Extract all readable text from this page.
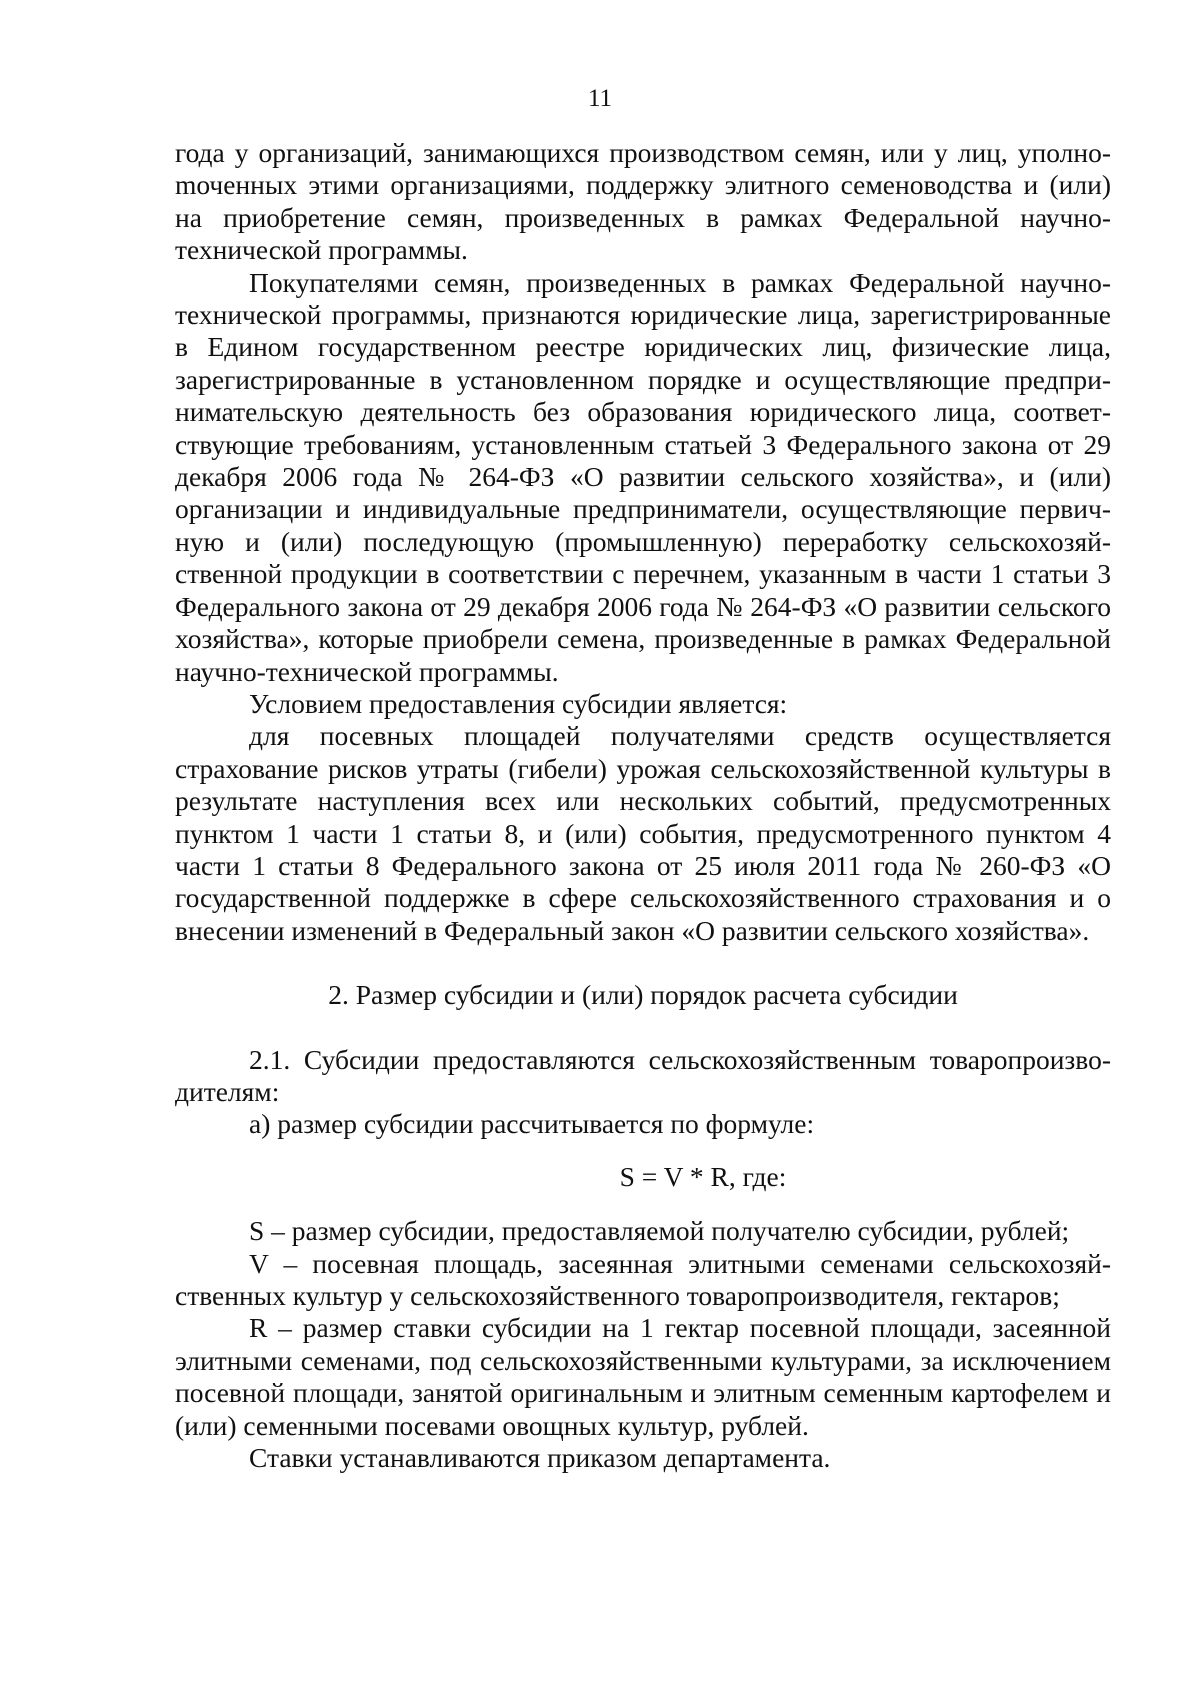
11

года у организаций, занимающихся производством семян, или у лиц, уполноmоченных этими организациями, поддержку элитного семеноводства и (или) на приобретение семян, произведенных в рамках Федеральной научно-технической программы.

Покупателями семян, произведенных в рамках Федеральной научно-технической программы, признаются юридические лица, зарегистрированные в Едином государственном реестре юридических лиц, физические лица, зарегистрированные в установленном порядке и осуществляющие предпринимательскую деятельность без образования юридического лица, соответствующие требованиям, установленным статьей 3 Федерального закона от 29 декабря 2006 года № 264-ФЗ «О развитии сельского хозяйства», и (или) организации и индивидуальные предприниматели, осуществляющие первичную и (или) последующую (промышленную) переработку сельскохозяйственной продукции в соответствии с перечнем, указанным в части 1 статьи 3 Федерального закона от 29 декабря 2006 года № 264-ФЗ «О развитии сельского хозяйства», которые приобрели семена, произведенные в рамках Федеральной научно-технической программы.

Условием предоставления субсидии является:

для посевных площадей получателями средств осуществляется страхование рисков утраты (гибели) урожая сельскохозяйственной культуры в результате наступления всех или нескольких событий, предусмотренных пунктом 1 части 1 статьи 8, и (или) события, предусмотренного пунктом 4 части 1 статьи 8 Федерального закона от 25 июля 2011 года № 260-ФЗ «О государственной поддержке в сфере сельскохозяйственного страхования и о внесении изменений в Федеральный закон «О развитии сельского хозяйства».

2. Размер субсидии и (или) порядок расчета субсидии

2.1. Субсидии предоставляются сельскохозяйственным товаропроизводителям:

а) размер субсидии рассчитывается по формуле:

S = V * R, где:

S – размер субсидии, предоставляемой получателю субсидии, рублей;

V – посевная площадь, засеянная элитными семенами сельскохозяйственных культур у сельскохозяйственного товаропроизводителя, гектаров;

R – размер ставки субсидии на 1 гектар посевной площади, засеянной элитными семенами, под сельскохозяйственными культурами, за исключением посевной площади, занятой оригинальным и элитным семенным картофелем и (или) семенными посевами овощных культур, рублей.

Ставки устанавливаются приказом департамента.
